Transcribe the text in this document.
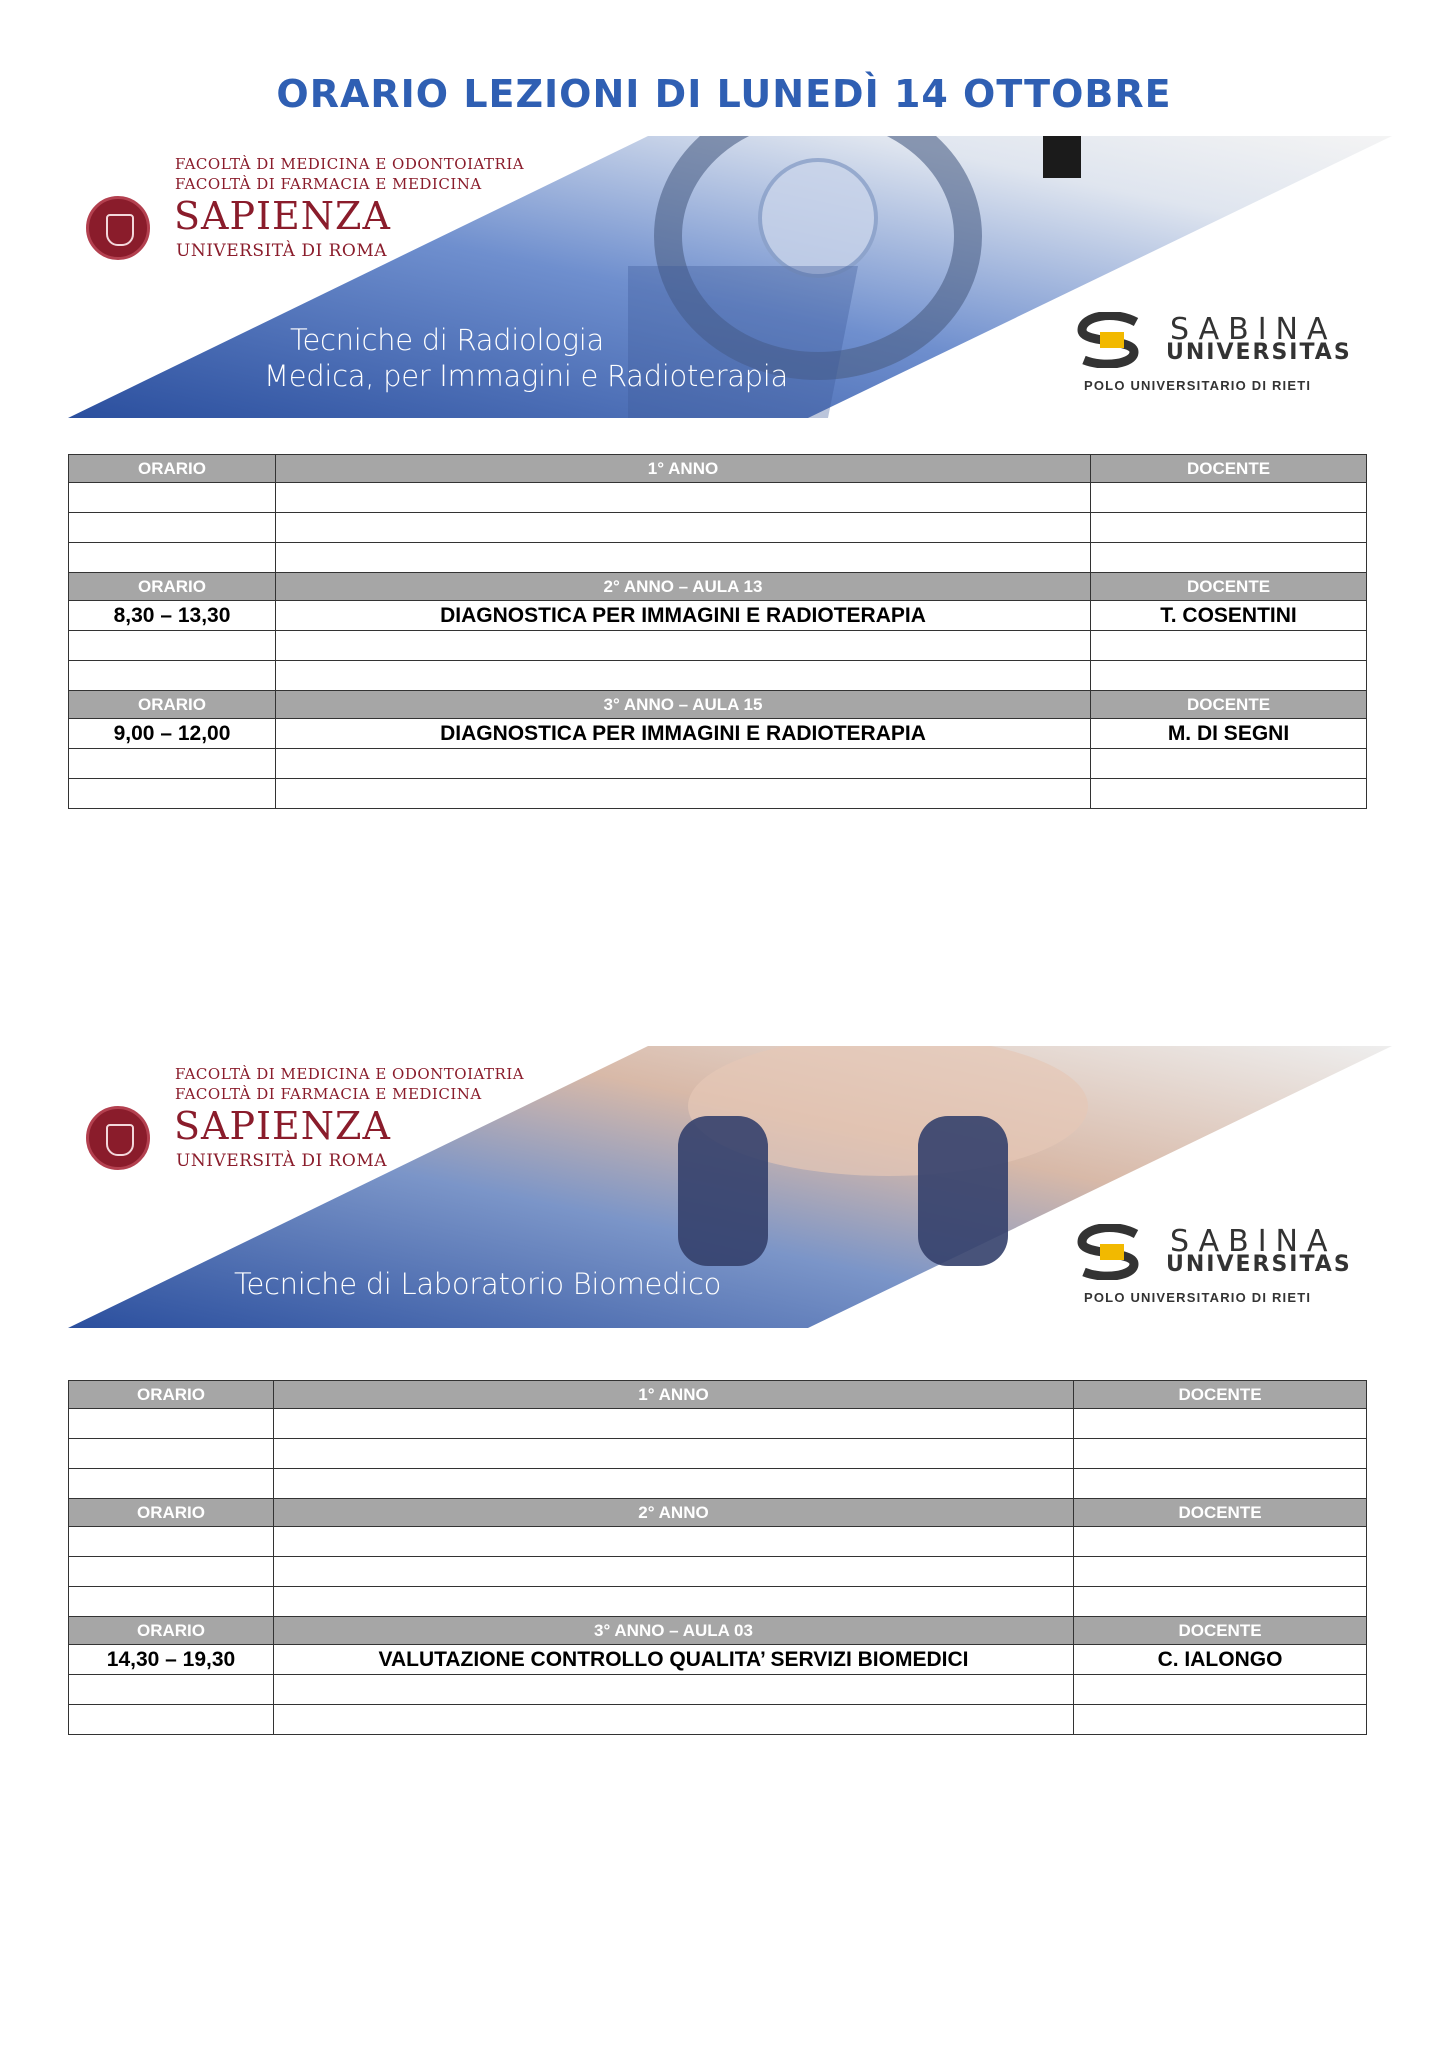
ORARIO LEZIONI DI LUNEDÌ 14 OTTOBRE
FACOLTÀ DI MEDICINA E ODONTOIATRIA
FACOLTÀ DI FARMACIA E MEDICINA
SAPIENZA
UNIVERSITÀ DI ROMA
Tecniche di Radiologia
Medica, per Immagini e Radioterapia
SABINA
UNIVERSITAS
POLO UNIVERSITARIO DI RIETI
ORARIO	1° ANNO	DOCENTE

ORARIO	2° ANNO – AULA 13	DOCENTE
8,30 – 13,30	DIAGNOSTICA PER IMMAGINI E RADIOTERAPIA	T. COSENTINI

ORARIO	3° ANNO – AULA 15	DOCENTE
9,00 – 12,00	DIAGNOSTICA PER IMMAGINI E RADIOTERAPIA	M. DI SEGNI

FACOLTÀ DI MEDICINA E ODONTOIATRIA
FACOLTÀ DI FARMACIA E MEDICINA
SAPIENZA
UNIVERSITÀ DI ROMA
Tecniche di Laboratorio Biomedico
SABINA
UNIVERSITAS
POLO UNIVERSITARIO DI RIETI
ORARIO	1° ANNO	DOCENTE

ORARIO	2° ANNO	DOCENTE

ORARIO	3° ANNO – AULA 03	DOCENTE
14,30 – 19,30	VALUTAZIONE CONTROLLO QUALITA’ SERVIZI BIOMEDICI	C. IALONGO
